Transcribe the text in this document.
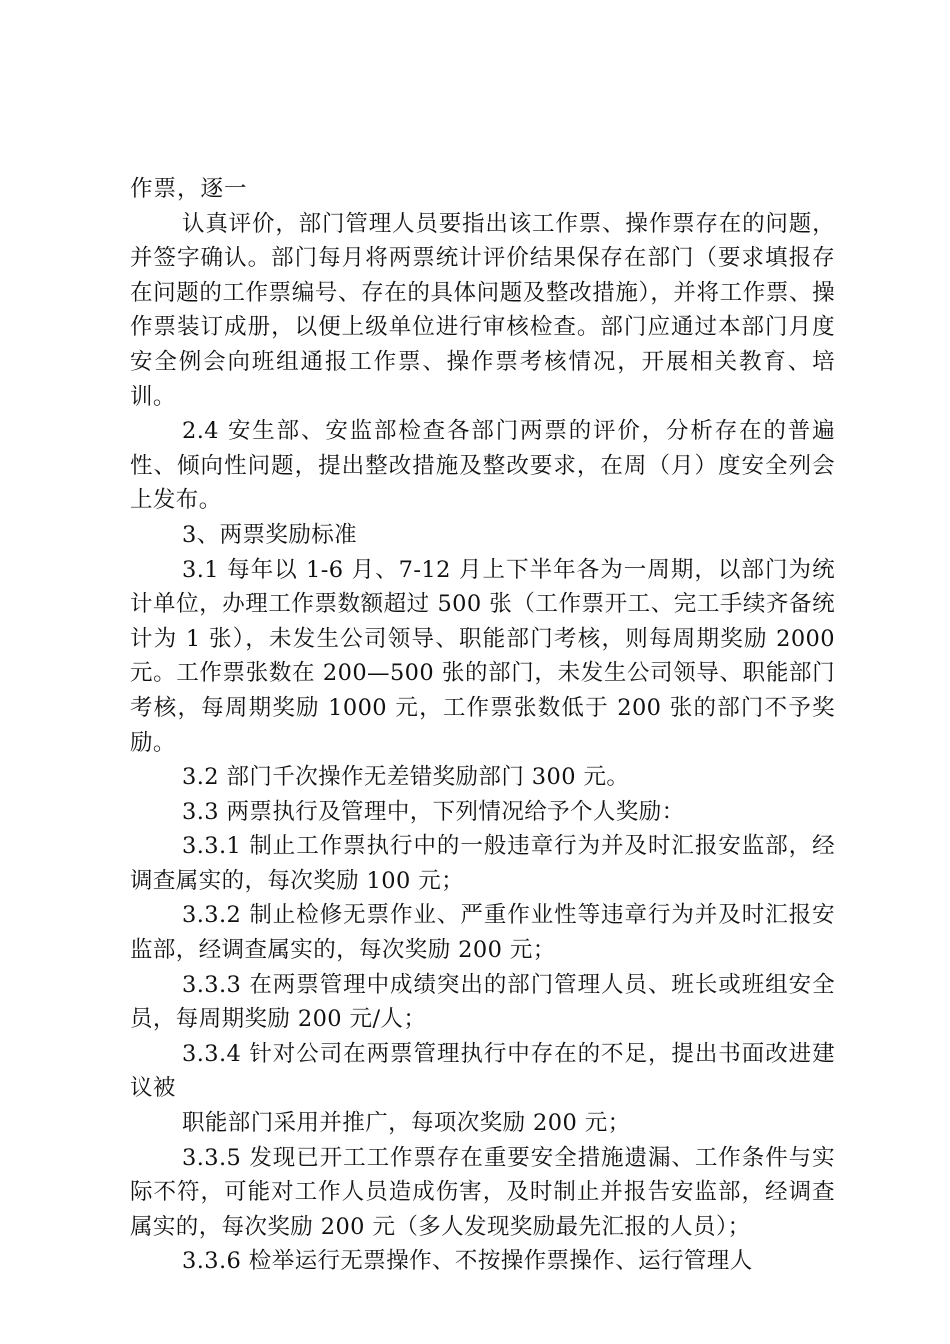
作票，逐一

认真评价，部门管理人员要指出该工作票、操作票存在的问题，并签字确认。部门每月将两票统计评价结果保存在部门（要求填报存在问题的工作票编号、存在的具体问题及整改措施），并将工作票、操作票装订成册，以便上级单位进行审核检查。部门应通过本部门月度安全例会向班组通报工作票、操作票考核情况，开展相关教育、培训。

2.4 安生部、安监部检查各部门两票的评价，分析存在的普遍性、倾向性问题，提出整改措施及整改要求，在周（月）度安全列会上发布。

3、两票奖励标准

3.1 每年以 1-6 月、7-12 月上下半年各为一周期，以部门为统计单位，办理工作票数额超过 500 张（工作票开工、完工手续齐备统计为 1 张），未发生公司领导、职能部门考核，则每周期奖励 2000 元。工作票张数在 200—500 张的部门，未发生公司领导、职能部门考核，每周期奖励 1000 元，工作票张数低于 200 张的部门不予奖励。

3.2 部门千次操作无差错奖励部门 300 元。

3.3 两票执行及管理中，下列情况给予个人奖励：

3.3.1 制止工作票执行中的一般违章行为并及时汇报安监部，经调查属实的，每次奖励 100 元；

3.3.2 制止检修无票作业、严重作业性等违章行为并及时汇报安监部，经调查属实的，每次奖励 200 元；

3.3.3 在两票管理中成绩突出的部门管理人员、班长或班组安全员，每周期奖励 200 元/人；

3.3.4 针对公司在两票管理执行中存在的不足，提出书面改进建议被

职能部门采用并推广，每项次奖励 200 元；

3.3.5 发现已开工工作票存在重要安全措施遗漏、工作条件与实际不符，可能对工作人员造成伤害，及时制止并报告安监部，经调查属实的，每次奖励 200 元（多人发现奖励最先汇报的人员）；

3.3.6 检举运行无票操作、不按操作票操作、运行管理人
